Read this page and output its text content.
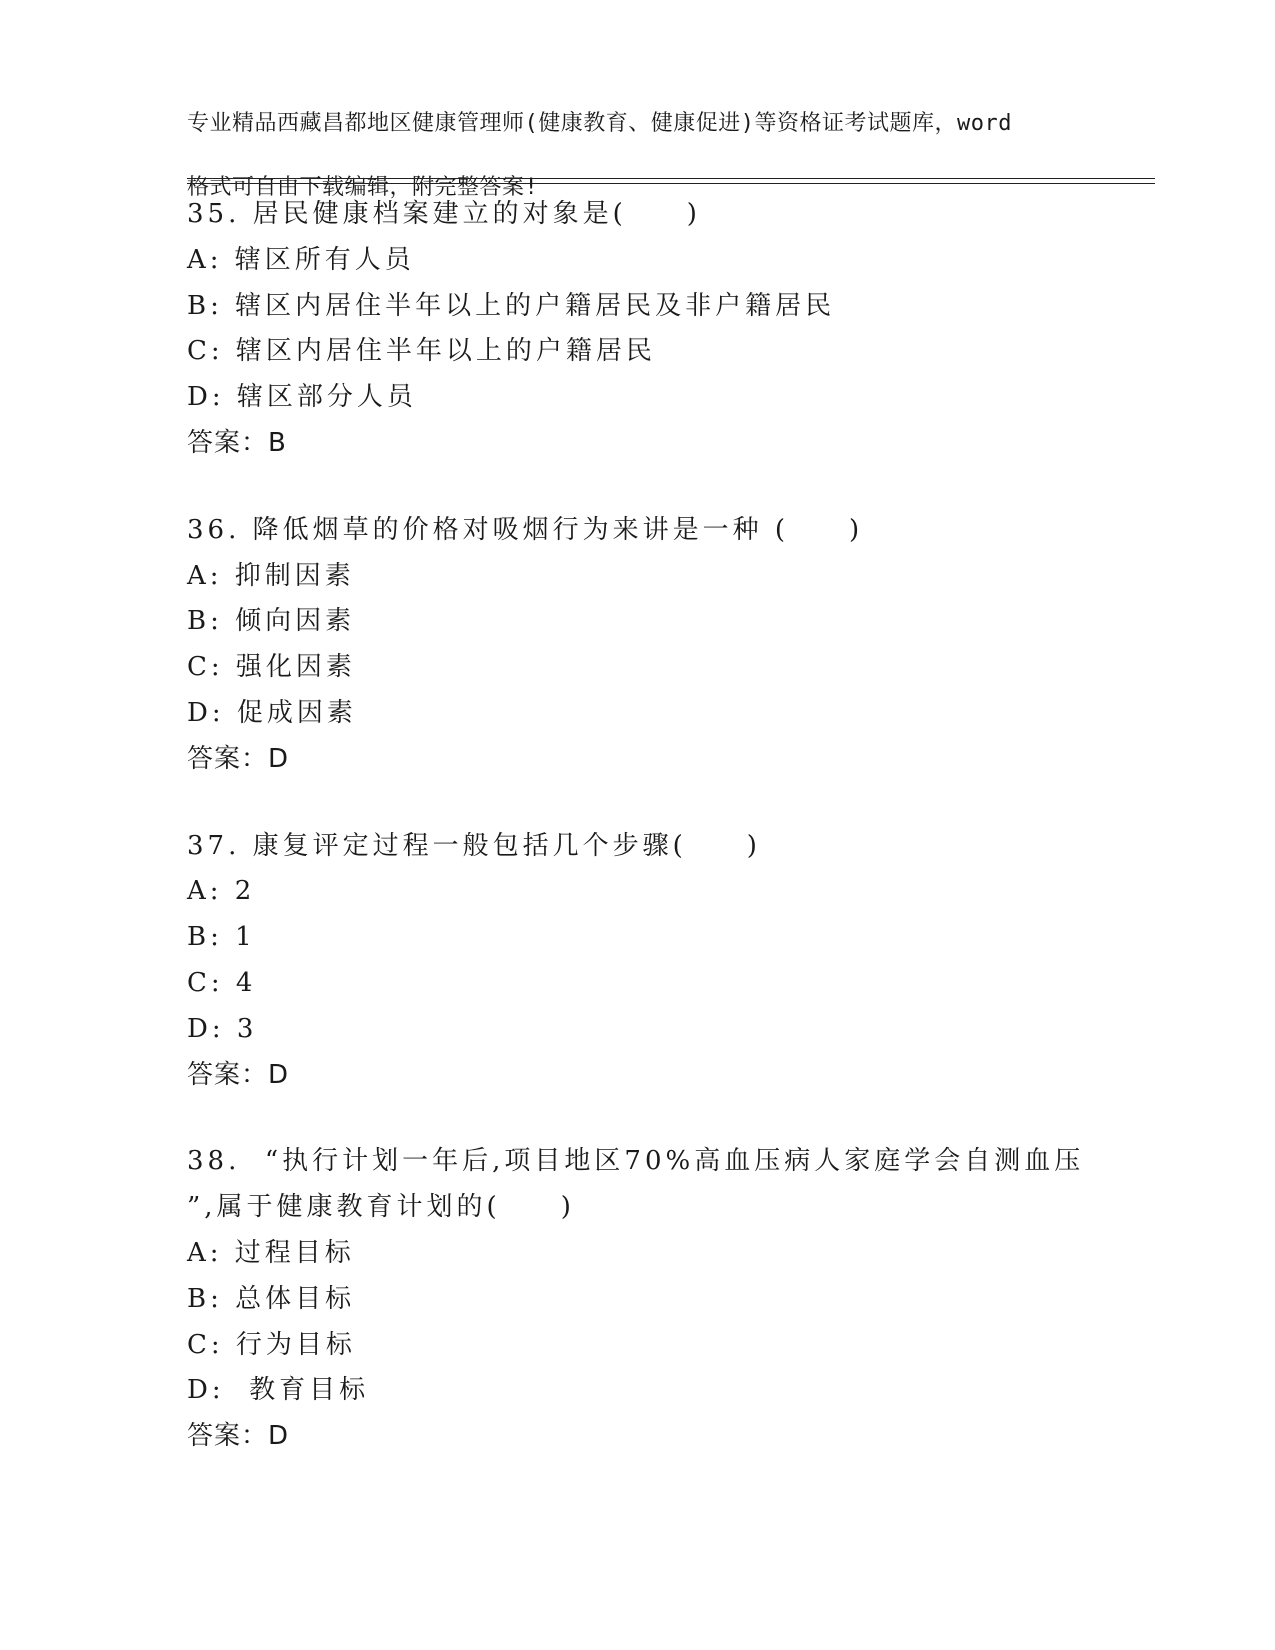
专业精品西藏昌都地区健康管理师(健康教育、健康促进)等资格证考试题库，word

格式可自由下载编辑，附完整答案!

35. 居民健康档案建立的对象是(　　)
A: 辖区所有人员
B: 辖区内居住半年以上的户籍居民及非户籍居民
C: 辖区内居住半年以上的户籍居民
D: 辖区部分人员
答案：B
36. 降低烟草的价格对吸烟行为来讲是一种 (　　)
A: 抑制因素
B: 倾向因素
C: 强化因素
D: 促成因素
答案：D
37. 康复评定过程一般包括几个步骤(　　)
A: 2
B: 1
C: 4
D: 3
答案：D
38.  “执行计划一年后,项目地区70%高血压病人家庭学会自测血压
”,属于健康教育计划的(　　)
A: 过程目标
B: 总体目标
C: 行为目标
D:  教育目标
答案：D
